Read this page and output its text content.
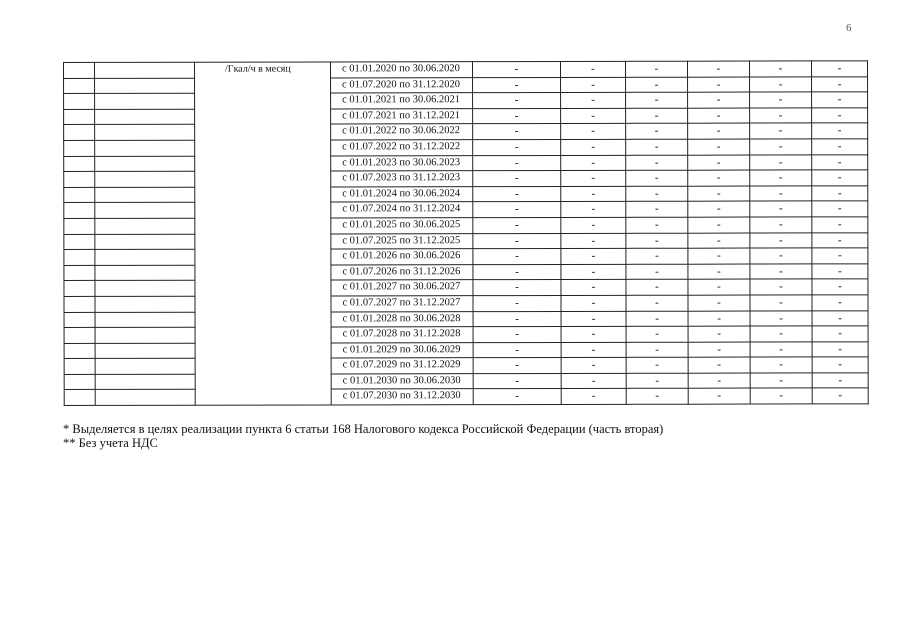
6
		/Гкал/ч в месяц	с 01.01.2020 по 30.06.2020	-	-	-	-	-	-
			с 01.07.2020 по 31.12.2020	-	-	-	-	-	-
			с 01.01.2021 по 30.06.2021	-	-	-	-	-	-
			с 01.07.2021 по 31.12.2021	-	-	-	-	-	-
			с 01.01.2022 по 30.06.2022	-	-	-	-	-	-
			с 01.07.2022 по 31.12.2022	-	-	-	-	-	-
			с 01.01.2023 по 30.06.2023	-	-	-	-	-	-
			с 01.07.2023 по 31.12.2023	-	-	-	-	-	-
			с 01.01.2024 по 30.06.2024	-	-	-	-	-	-
			с 01.07.2024 по 31.12.2024	-	-	-	-	-	-
			с 01.01.2025 по 30.06.2025	-	-	-	-	-	-
			с 01.07.2025 по 31.12.2025	-	-	-	-	-	-
			с 01.01.2026 по 30.06.2026	-	-	-	-	-	-
			с 01.07.2026 по 31.12.2026	-	-	-	-	-	-
			с 01.01.2027 по 30.06.2027	-	-	-	-	-	-
			с 01.07.2027 по 31.12.2027	-	-	-	-	-	-
			с 01.01.2028 по 30.06.2028	-	-	-	-	-	-
			с 01.07.2028 по 31.12.2028	-	-	-	-	-	-
			с 01.01.2029 по 30.06.2029	-	-	-	-	-	-
			с 01.07.2029 по 31.12.2029	-	-	-	-	-	-
			с 01.01.2030 по 30.06.2030	-	-	-	-	-	-
			с 01.07.2030 по 31.12.2030	-	-	-	-	-	-
* Выделяется в целях реализации пункта 6 статьи 168 Налогового кодекса Российской Федерации (часть вторая)
** Без учета НДС
